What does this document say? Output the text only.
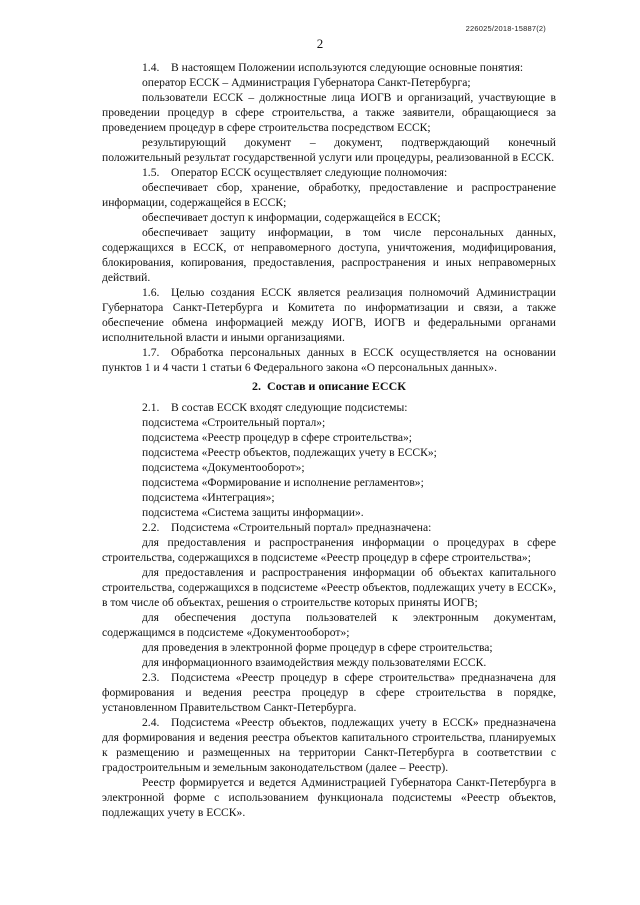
226025/2018-15887(2)
2

1.4. В настоящем Положении используются следующие основные понятия:

оператор ЕССК – Администрация Губернатора Санкт-Петербурга;

пользователи ЕССК – должностные лица ИОГВ и организаций, участвующие в проведении процедур в сфере строительства, а также заявители, обращающиеся за проведением процедур в сфере строительства посредством ЕССК;

результирующий документ – документ, подтверждающий конечный положительный результат государственной услуги или процедуры, реализованной в ЕССК.

1.5. Оператор ЕССК осуществляет следующие полномочия:

обеспечивает сбор, хранение, обработку, предоставление и распространение информации, содержащейся в ЕССК;

обеспечивает доступ к информации, содержащейся в ЕССК;

обеспечивает защиту информации, в том числе персональных данных, содержащихся в ЕССК, от неправомерного доступа, уничтожения, модифицирования, блокирования, копирования, предоставления, распространения и иных неправомерных действий.

1.6. Целью создания ЕССК является реализация полномочий Администрации Губернатора Санкт-Петербурга и Комитета по информатизации и связи, а также обеспечение обмена информацией между ИОГВ, ИОГВ и федеральными органами исполнительной власти и иными организациями.

1.7. Обработка персональных данных в ЕССК осуществляется на основании пунктов 1 и 4 части 1 статьи 6 Федерального закона «О персональных данных».

2. Состав и описание ЕССК

2.1. В состав ЕССК входят следующие подсистемы:

подсистема «Строительный портал»;

подсистема «Реестр процедур в сфере строительства»;

подсистема «Реестр объектов, подлежащих учету в ЕССК»;

подсистема «Документооборот»;

подсистема «Формирование и исполнение регламентов»;

подсистема «Интеграция»;

подсистема «Система защиты информации».

2.2. Подсистема «Строительный портал» предназначена:

для предоставления и распространения информации о процедурах в сфере строительства, содержащихся в подсистеме «Реестр процедур в сфере строительства»;

для предоставления и распространения информации об объектах капитального строительства, содержащихся в подсистеме «Реестр объектов, подлежащих учету в ЕССК», в том числе об объектах, решения о строительстве которых приняты ИОГВ;

для обеспечения доступа пользователей к электронным документам, содержащимся в подсистеме «Документооборот»;

для проведения в электронной форме процедур в сфере строительства;

для информационного взаимодействия между пользователями ЕССК.

2.3. Подсистема «Реестр процедур в сфере строительства» предназначена для формирования и ведения реестра процедур в сфере строительства в порядке, установленном Правительством Санкт-Петербурга.

2.4. Подсистема «Реестр объектов, подлежащих учету в ЕССК» предназначена для формирования и ведения реестра объектов капитального строительства, планируемых к размещению и размещенных на территории Санкт-Петербурга в соответствии с градостроительным и земельным законодательством (далее – Реестр).

Реестр формируется и ведется Администрацией Губернатора Санкт-Петербурга в электронной форме с использованием функционала подсистемы «Реестр объектов, подлежащих учету в ЕССК».
